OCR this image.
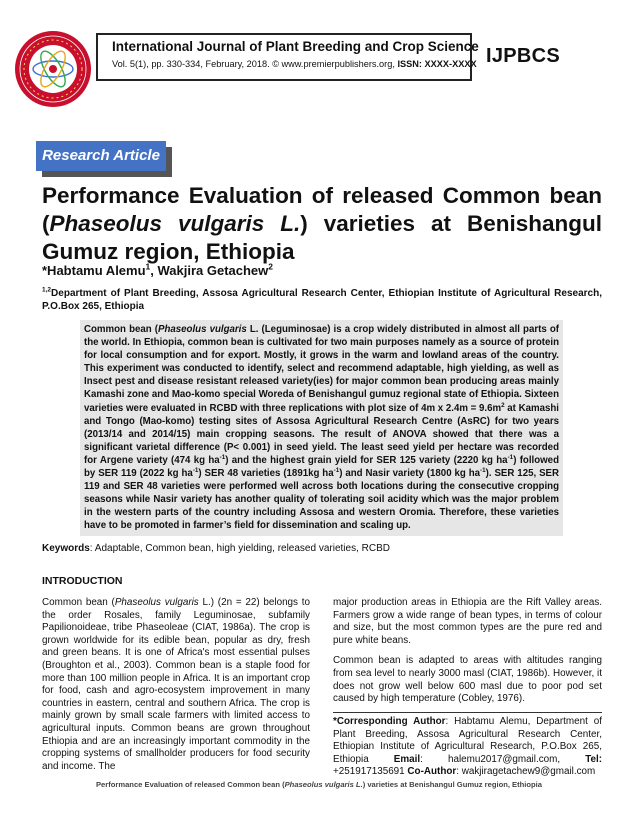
International Journal of Plant Breeding and Crop Science
Vol. 5(1), pp. 330-334, February, 2018. © www.premierpublishers.org, ISSN: XXXX-XXXX IJPBCS
Research Article
Performance Evaluation of released Common bean (Phaseolus vulgaris L.) varieties at Benishangul Gumuz region, Ethiopia
*Habtamu Alemu$^1$, Wakjira Getachew$^2$
$^{1,2}$Department of Plant Breeding, Assosa Agricultural Research Center, Ethiopian Institute of Agricultural Research, P.O.Box 265, Ethiopia
Common bean (Phaseolus vulgaris L. (Leguminosae) is a crop widely distributed in almost all parts of the world. In Ethiopia, common bean is cultivated for two main purposes namely as a source of protein for local consumption and for export. Mostly, it grows in the warm and lowland areas of the country. This experiment was conducted to identify, select and recommend adaptable, high yielding, as well as Insect pest and disease resistant released variety(ies) for major common bean producing areas mainly Kamashi zone and Mao-komo special Woreda of Benishangul gumuz regional state of Ethiopia. Sixteen varieties were evaluated in RCBD with three replications with plot size of 4m x $2.4m = 9.6m^2$ at Kamashi and Tongo (Mao-komo) testing sites of Assosa Agricultural Research Centre (AsRC) for two years (2013/14 and 2014/15) main cropping seasons. The result of ANOVA showed that there was a significant varietal difference (P< 0.001) in seed yield. The least seed yield per hectare was recorded for Argene variety (474 kg $ha^{-1}$) and the highest grain yield for SER 125 variety (2220 kg $ha^{-1}$) followed by SER 119 (2022 kg $ha^{-1}$) SER 48 varieties (1891kg $ha^{-1}$) and Nasir variety (1800 kg $ha^{-1}$). SER 125, SER 119 and SER 48 varieties were performed well across both locations during the consecutive cropping seasons while Nasir variety has another quality of tolerating soil acidity which was the major problem in the western parts of the country including Assosa and western Oromia. Therefore, these varieties have to be promoted in farmer’s field for dissemination and scaling up.
Keywords: Adaptable, Common bean, high yielding, released varieties, RCBD
INTRODUCTION

Common bean (Phaseolus vulgaris L.) (2n = 22) belongs to the order Rosales, family Leguminosae, subfamily Papilionoideae, tribe Phaseoleae (CIAT, 1986a). The crop is grown worldwide for its edible bean, popular as dry, fresh and green beans. It is one of Africa's most essential pulses (Broughton et al., 2003). Common bean is a staple food for more than 100 million people in Africa. It is an important crop for food, cash and agro-ecosystem improvement in many countries in eastern, central and southern Africa. The crop is mainly grown by small scale farmers with limited access to agricultural inputs. Common beans are grown throughout Ethiopia and are an increasingly important commodity in the cropping systems of smallholder producers for food security and income. The

major production areas in Ethiopia are the Rift Valley areas. Farmers grow a wide range of bean types, in terms of colour and size, but the most common types are the pure red and pure white beans.

Common bean is adapted to areas with altitudes ranging from sea level to nearly 3000 masl (CIAT, 1986b). However, it does not grow well below 600 masl due to poor pod set caused by high temperature (Cobley, 1976).

*Corresponding Author: Habtamu Alemu, Department of Plant Breeding, Assosa Agricultural Research Center, Ethiopian Institute of Agricultural Research, P.O.Box 265, Ethiopia	Email: halemu2017@gmail.com,	Tel: +251917135691 Co-Author: wakjiragetachew9@gmail.com
Performance Evaluation of released Common bean (Phaseolus vulgaris L.) varieties at Benishangul Gumuz region, Ethiopia
